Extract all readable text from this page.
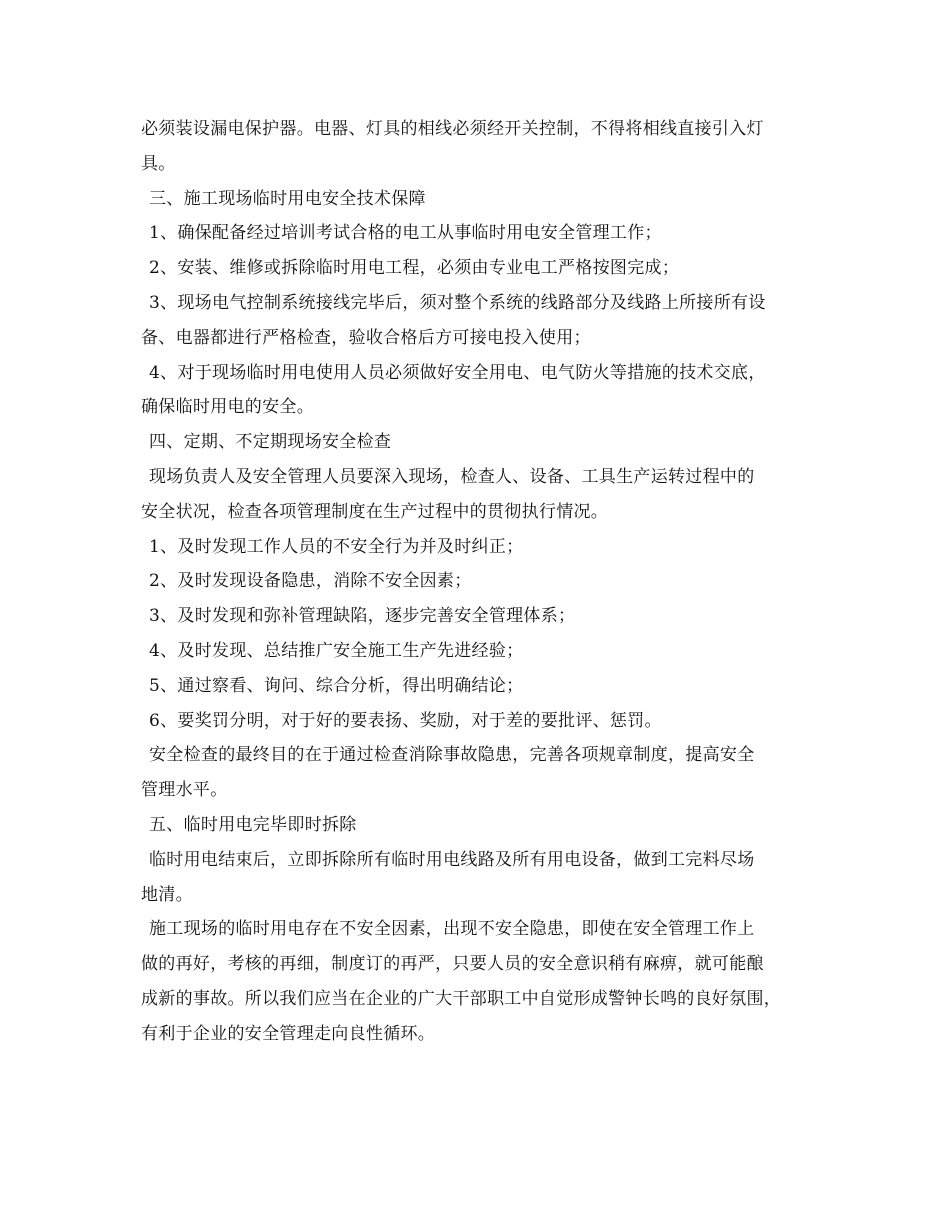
必须装设漏电保护器。电器、灯具的相线必须经开关控制，不得将相线直接引入灯
具。
三、施工现场临时用电安全技术保障
1、确保配备经过培训考试合格的电工从事临时用电安全管理工作；
2、安装、维修或拆除临时用电工程，必须由专业电工严格按图完成；
3、现场电气控制系统接线完毕后，须对整个系统的线路部分及线路上所接所有设
备、电器都进行严格检查，验收合格后方可接电投入使用；
4、对于现场临时用电使用人员必须做好安全用电、电气防火等措施的技术交底，
确保临时用电的安全。
四、定期、不定期现场安全检查
现场负责人及安全管理人员要深入现场，检查人、设备、工具生产运转过程中的
安全状况，检查各项管理制度在生产过程中的贯彻执行情况。
1、及时发现工作人员的不安全行为并及时纠正；
2、及时发现设备隐患，消除不安全因素；
3、及时发现和弥补管理缺陷，逐步完善安全管理体系；
4、及时发现、总结推广安全施工生产先进经验；
5、通过察看、询问、综合分析，得出明确结论；
6、要奖罚分明，对于好的要表扬、奖励，对于差的要批评、惩罚。
安全检查的最终目的在于通过检查消除事故隐患，完善各项规章制度，提高安全
管理水平。
五、临时用电完毕即时拆除
临时用电结束后，立即拆除所有临时用电线路及所有用电设备，做到工完料尽场
地清。
施工现场的临时用电存在不安全因素，出现不安全隐患，即使在安全管理工作上
做的再好，考核的再细，制度订的再严，只要人员的安全意识稍有麻痹，就可能酿
成新的事故。所以我们应当在企业的广大干部职工中自觉形成警钟长鸣的良好氛围，
有利于企业的安全管理走向良性循环。
